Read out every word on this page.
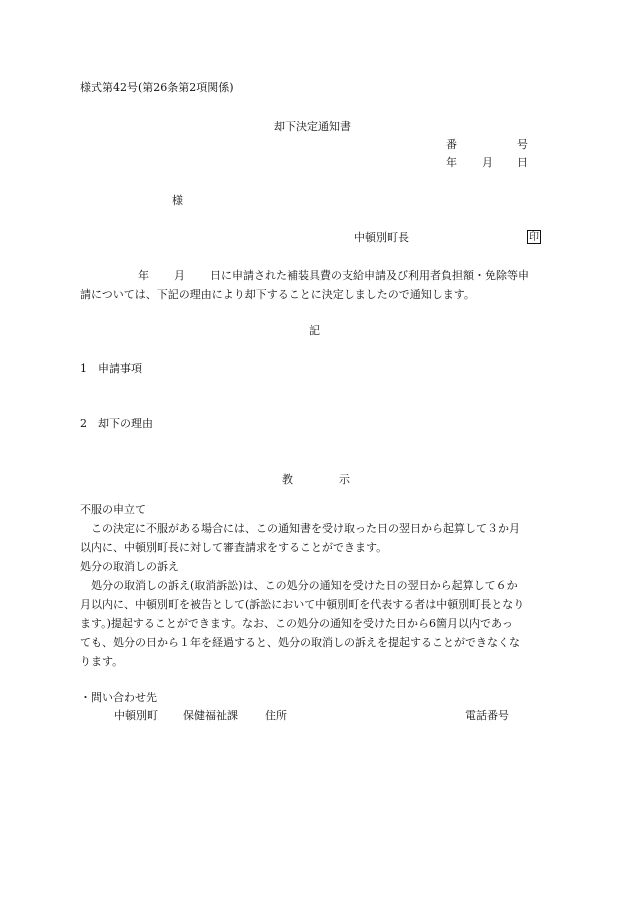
様式第42号(第26条第2項関係)
却下決定通知書
番	号
年 月 日
様
中頓別町長	印
年 月 日に申請された補装具費の支給申請及び利用者負担額・免除等申
請については、下記の理由により却下することに決定しましたので通知します。
記
1 申請事項
2 却下の理由
教	示
不服の申立て
この決定に不服がある場合には、この通知書を受け取った日の翌日から起算して３か月
以内に、中頓別町長に対して審査請求をすることができます。
処分の取消しの訴え
処分の取消しの訴え(取消訴訟)は、この処分の通知を受けた日の翌日から起算して６か
月以内に、中頓別町を被告として(訴訟において中頓別町を代表する者は中頓別町長となり
ます。)提起することができます。なお、この処分の通知を受けた日から6箇月以内であっ
ても、処分の日から１年を経過すると、処分の取消しの訴えを提起することができなくな
ります。
・問い合わせ先
中頓別町 保健福祉課 住所	電話番号
